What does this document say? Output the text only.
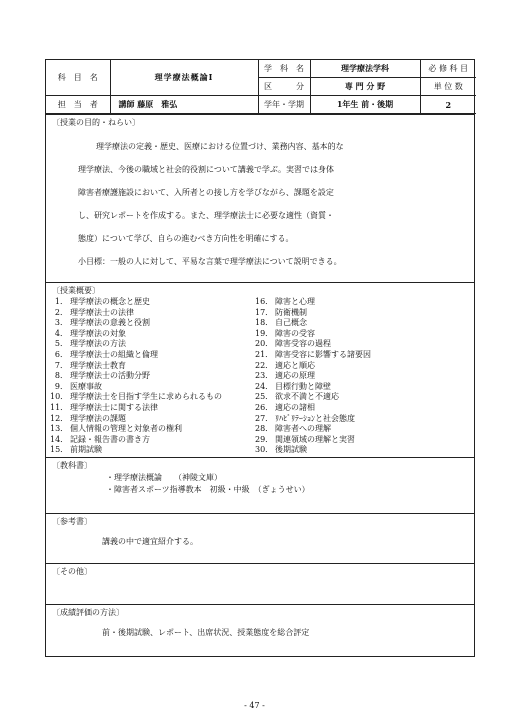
科　目　名	理学療法概論Ⅰ	学　科　名	理学療法学科	必 修 科 目
		区　　　分	専 門 分 野	単 位 数
担　当　者	講師 藤原　雅弘	学年・学期	1年生 前・後期	2
〔授業の目的・ねらい〕
理学療法の定義・歴史、医療における位置づけ、業務内容、基本的な
理学療法、今後の職域と社会的役割について講義で学ぶ。実習では身体
障害者療護施設において、入所者との接し方を学びながら、課題を設定
し、研究レポートを作成する。また、理学療法士に必要な適性（資質・
態度）について学び、自らの進むべき方向性を明確にする。
小目標：一般の人に対して、平易な言葉で理学療法について説明できる。
〔授業概要〕
1． 理学療法の概念と歴史
2． 理学療法士の法律
3． 理学療法の意義と役割
4． 理学療法の対象
5． 理学療法の方法
6． 理学療法士の組織と倫理
7． 理学療法士教育
8． 理学療法士の活動分野
9． 医療事故
10． 理学療法士を目指す学生に求められるもの
11． 理学療法士に関する法律
12． 理学療法の課題
13． 個人情報の管理と対象者の権利
14． 記録・報告書の書き方
15． 前期試験
16． 障害と心理
17． 防衛機制
18． 自己概念
19． 障害の受容
20． 障害受容の過程
21． 障害受容に影響する諸要因
22． 適応と順応
23． 適応の原理
24． 目標行動と障壁
25． 欲求不満と不適応
26． 適応の諸相
27． ﾘﾊﾋﾞﾘﾃｰｼｮﾝと社会態度
28． 障害者への理解
29． 関連領域の理解と実習
30． 後期試験
〔教科書〕
・理学療法概論　　（神陵文庫）
・障害者スポーツ指導教本　初級・中級　（ぎょうせい）
〔参考書〕
講義の中で適宜紹介する。
〔その他〕
〔成績評価の方法〕
前・後期試験、レポート、出席状況、授業態度を総合評定
- 47 -
